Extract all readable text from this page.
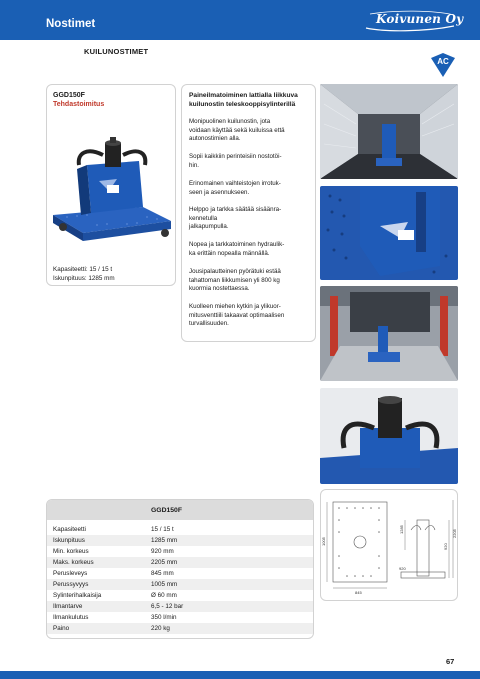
Nostimet	Koivunen Oy
KUILUNOSTIMET
AC
GGD150F
Tehdastoimitus
Kapasiteetti: 15 / 15 t
Iskunpituus: 1285 mm
Paineilmatoiminen lattialla liikkuva kuilunostin teleskooppisylinterillä
Monipuolinen kuilunostin, jota
voidaan käyttää sekä kuiluissa että
autonostimien alla.
Sopii kaikkiin perinteisiin nostotöi-
hin.
Erinomainen vaihteistojen irrotuk-
seen ja asennukseen.
Helppo ja tarkka säätää sisäänra-
kennetulla
jalkapumpulla.
Nopea ja tarkkatoiminen hydraulik-
ka erittäin nopealla männällä.
Jousipalautteinen pyörätuki estää
tahattoman liikkumisen yli 800 kg
kuormia nostettaessa.
Kuolleen miehen kytkin ja ylikuor-
mitusventtiili takaavat optimaalisen
turvallisuuden.
GGD150F
Kapasiteetti	15 / 15 t
Iskunpituus	1285 mm
Min. korkeus	920 mm
Maks. korkeus	2205 mm
Perusleveys	845 mm
Perussyvyys	1005 mm
Sylinterihalkaisija	Ø 60 mm
Ilmantarve	6,5 - 12 bar
Ilmankulutus	350 l/min
Paino	220 kg
1005
845
1285
920
2205
920
67
